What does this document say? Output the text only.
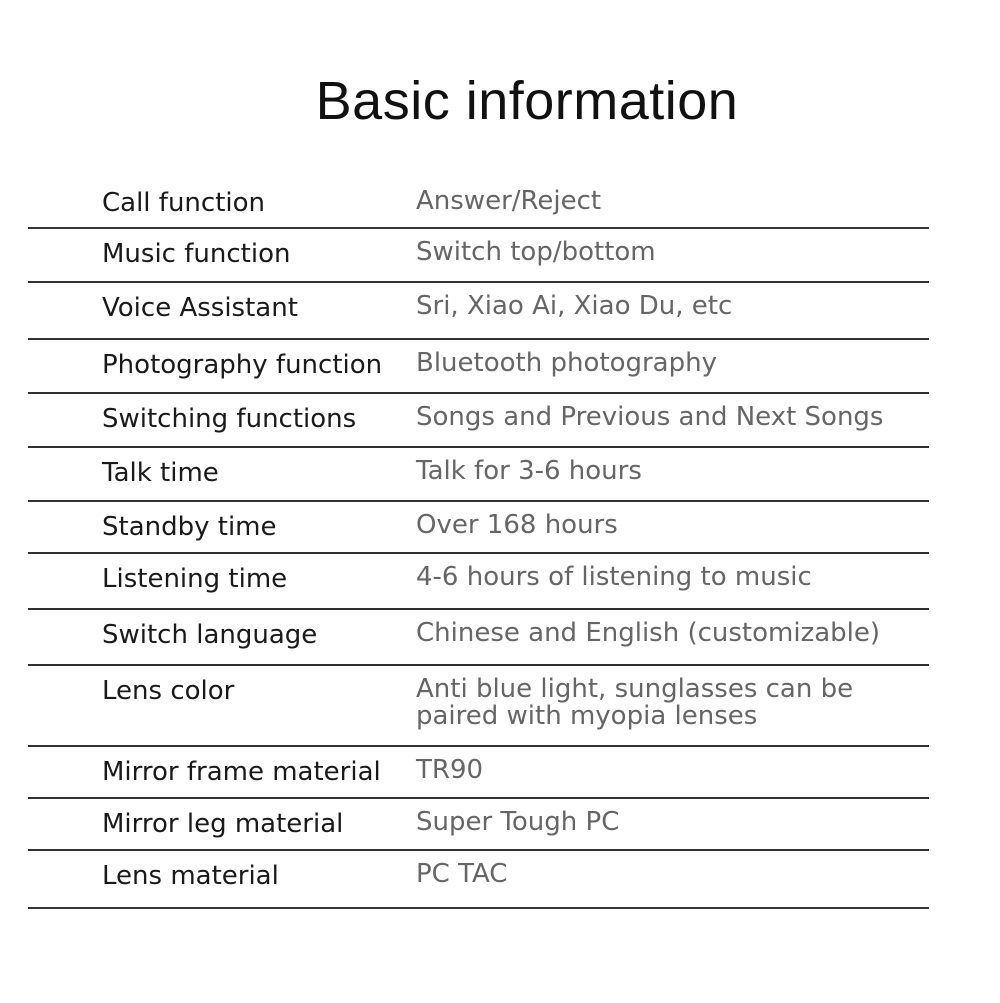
Basic information
Call function	Answer/Reject
Music function	Switch top/bottom
Voice Assistant	Sri, Xiao Ai, Xiao Du, etc
Photography function Bluetooth photography
Switching functions Songs and Previous and Next Songs
Talk time	Talk for 3-6 hours
Standby time	Over 168 hours
Listening time	4-6 hours of listening to music
Switch language	Chinese and English (customizable)
Lens color	Anti blue light, sunglasses can be paired with myopia lenses
Mirror frame material TR90
Mirror leg material	Super Tough PC
Lens material	PC TAC
